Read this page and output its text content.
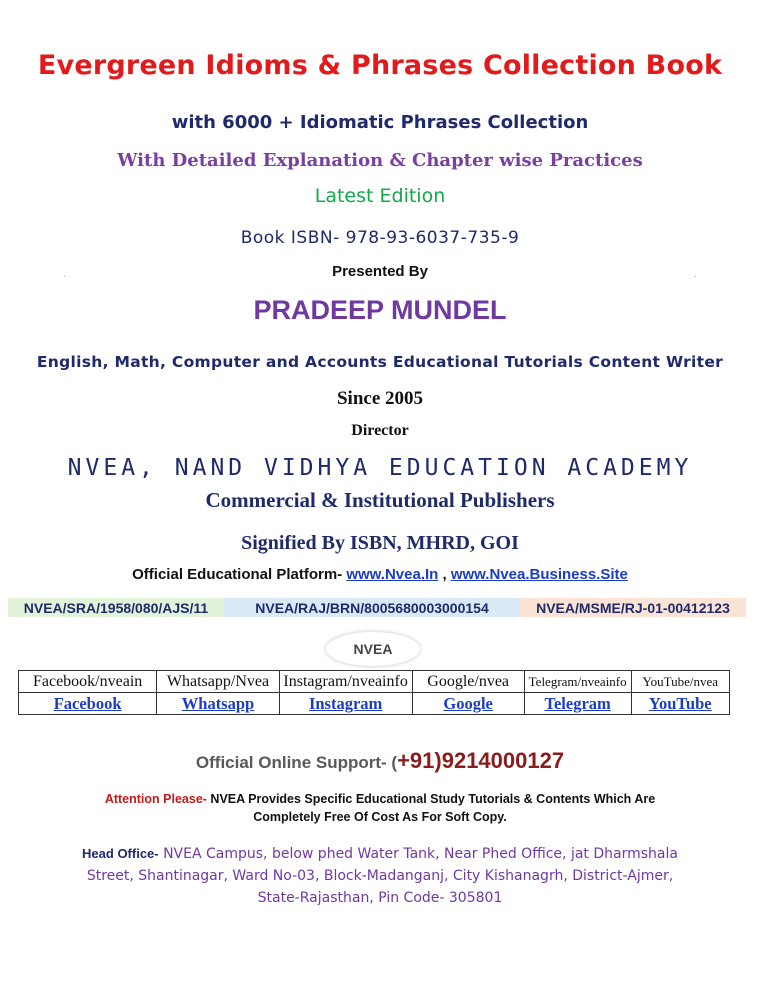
Evergreen Idioms & Phrases Collection Book
with 6000 + Idiomatic Phrases Collection
With Detailed Explanation & Chapter wise Practices
Latest Edition
Book ISBN- 978-93-6037-735-9
.	.
Presented By
PRADEEP MUNDEL
English, Math, Computer and Accounts Educational Tutorials Content Writer
Since 2005
Director
NVEA, NAND VIDHYA EDUCATION ACADEMY
Commercial & Institutional Publishers
Signified By ISBN, MHRD, GOI
Official Educational Platform- www.Nvea.In , www.Nvea.Business.Site
NVEA/SRA/1958/080/AJS/11	NVEA/RAJ/BRN/8005680003000154	NVEA/MSME/RJ-01-00412123
NVEA
Facebook/nveain	Whatsapp/Nvea	Instagram/nveainfo	Google/nvea	Telegram/nveainfo	YouTube/nvea
Facebook	Whatsapp	Instagram	Google	Telegram	YouTube
Official Online Support- (+91)9214000127
Attention Please- NVEA Provides Specific Educational Study Tutorials & Contents Which Are
Completely Free Of Cost As For Soft Copy.
Head Office- NVEA Campus, below phed Water Tank, Near Phed Office, jat Dharmshala
Street, Shantinagar, Ward No-03, Block-Madanganj, City Kishanagrh, District-Ajmer,
State-Rajasthan, Pin Code- 305801
